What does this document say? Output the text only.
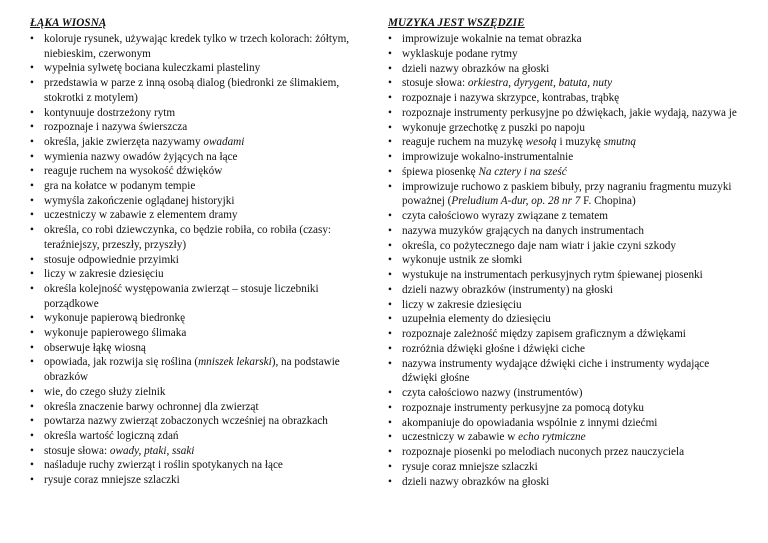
ŁĄKA WIOSNĄ
• koloruje rysunek, używając kredek tylko w trzech kolorach: żółtym, niebieskim, czerwonym
• wypełnia sylwetę bociana kuleczkami plasteliny
• przedstawia w parze z inną osobą dialog (biedronki ze ślimakiem, stokrotki z motylem)
• kontynuuje dostrzeżony rytm
• rozpoznaje i nazywa świerszcza
• określa, jakie zwierzęta nazywamy owadami
• wymienia nazwy owadów żyjących na łące
• reaguje ruchem na wysokość dźwięków
• gra na kołatce w podanym tempie
• wymyśla zakończenie oglądanej historyjki
• uczestniczy w zabawie z elementem dramy
• określa, co robi dziewczynka, co będzie robiła, co robiła (czasy: teraźniejszy, przeszły, przyszły)
• stosuje odpowiednie przyimki
• liczy w zakresie dziesięciu
• określa kolejność występowania zwierząt – stosuje liczebniki porządkowe
• wykonuje papierową biedronkę
• wykonuje papierowego ślimaka
• obserwuje łąkę wiosną
• opowiada, jak rozwija się roślina (mniszek lekarski), na podstawie obrazków
• wie, do czego służy zielnik
• określa znaczenie barwy ochronnej dla zwierząt
• powtarza nazwy zwierząt zobaczonych wcześniej na obrazkach
• określa wartość logiczną zdań
• stosuje słowa: owady, ptaki, ssaki
• naśladuje ruchy zwierząt i roślin spotykanych na łące
• rysuje coraz mniejsze szlaczki
MUZYKA JEST WSZĘDZIE
• improwizuje wokalnie na temat obrazka
• wyklaskuje podane rytmy
• dzieli nazwy obrazków na głoski
• stosuje słowa: orkiestra, dyrygent, batuta, nuty
• rozpoznaje i nazywa skrzypce, kontrabas, trąbkę
• rozpoznaje instrumenty perkusyjne po dźwiękach, jakie wydają, nazywa je
• wykonuje grzechotkę z puszki po napoju
• reaguje ruchem na muzykę wesołą i muzykę smutną
• improwizuje wokalno-instrumentalnie
• śpiewa piosenkę Na cztery i na sześć
• improwizuje ruchowo z paskiem bibuły, przy nagraniu fragmentu muzyki poważnej (Preludium A-dur, op. 28 nr 7 F. Chopina)
• czyta całościowo wyrazy związane z tematem
• nazywa muzyków grających na danych instrumentach
• określa, co pożytecznego daje nam wiatr i jakie czyni szkody
• wykonuje ustnik ze słomki
• wystukuje na instrumentach perkusyjnych rytm śpiewanej piosenki
• dzieli nazwy obrazków (instrumenty) na głoski
• liczy w zakresie dziesięciu
• uzupełnia elementy do dziesięciu
• rozpoznaje zależność między zapisem graficznym a dźwiękami
• rozróżnia dźwięki głośne i dźwięki ciche
• nazywa instrumenty wydające dźwięki ciche i instrumenty wydające dźwięki głośne
• czyta całościowo nazwy (instrumentów)
• rozpoznaje instrumenty perkusyjne za pomocą dotyku
• akompaniuje do opowiadania wspólnie z innymi dziećmi
• uczestniczy w zabawie w echo rytmiczne
• rozpoznaje piosenki po melodiach nuconych przez nauczyciela
• rysuje coraz mniejsze szlaczki
• dzieli nazwy obrazków na głoski
